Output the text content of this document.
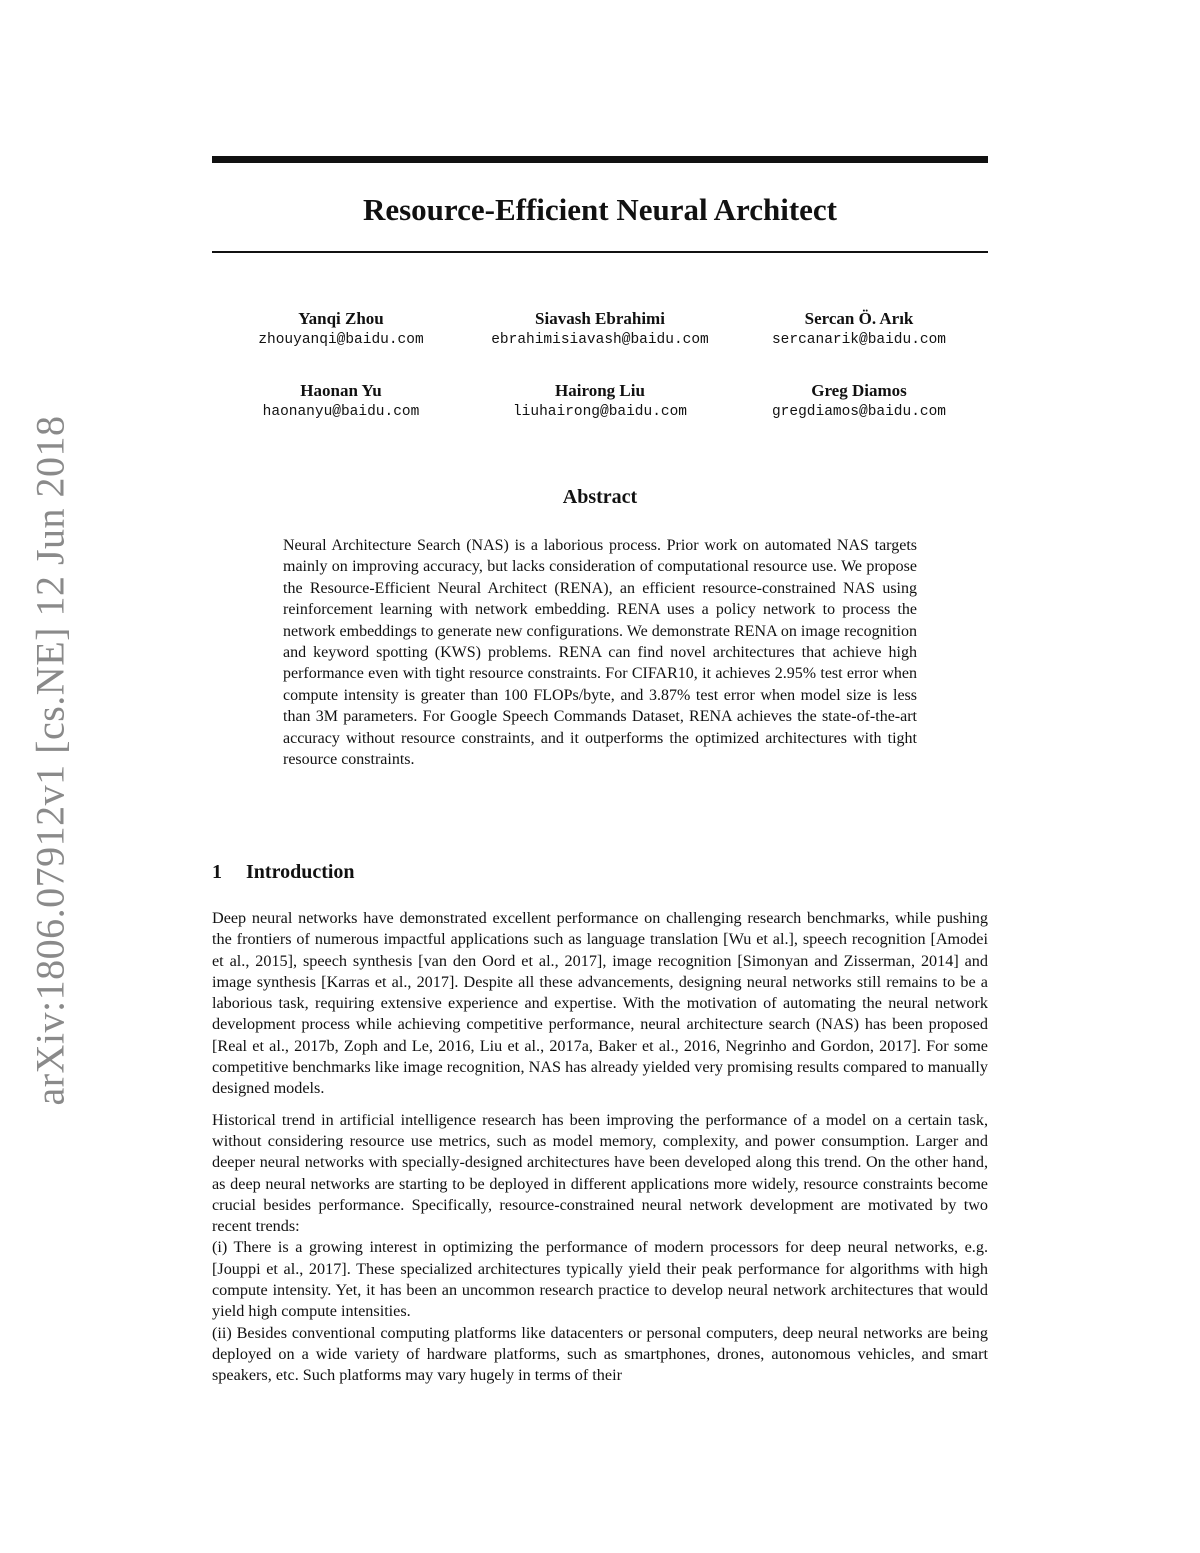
arXiv:1806.07912v1 [cs.NE] 12 Jun 2018
Resource-Efficient Neural Architect
Yanqi Zhou
zhouyanqi@baidu.com
Siavash Ebrahimi
ebrahimisiavash@baidu.com
Sercan Ö. Arık
sercanarik@baidu.com
Haonan Yu
haonanyu@baidu.com
Hairong Liu
liuhairong@baidu.com
Greg Diamos
gregdiamos@baidu.com
Abstract

Neural Architecture Search (NAS) is a laborious process. Prior work on automated NAS targets mainly on improving accuracy, but lacks consideration of computational resource use. We propose the Resource-Efficient Neural Architect (RENA), an efficient resource-constrained NAS using reinforcement learning with network embedding. RENA uses a policy network to process the network embeddings to generate new configurations. We demonstrate RENA on image recognition and keyword spotting (KWS) problems. RENA can find novel architectures that achieve high performance even with tight resource constraints. For CIFAR10, it achieves 2.95% test error when compute intensity is greater than 100 FLOPs/byte, and 3.87% test error when model size is less than 3M parameters. For Google Speech Commands Dataset, RENA achieves the state-of-the-art accuracy without resource constraints, and it outperforms the optimized architectures with tight resource constraints.

1 Introduction

Deep neural networks have demonstrated excellent performance on challenging research benchmarks, while pushing the frontiers of numerous impactful applications such as language translation [Wu et al.], speech recognition [Amodei et al., 2015], speech synthesis [van den Oord et al., 2017], image recognition [Simonyan and Zisserman, 2014] and image synthesis [Karras et al., 2017]. Despite all these advancements, designing neural networks still remains to be a laborious task, requiring extensive experience and expertise. With the motivation of automating the neural network development process while achieving competitive performance, neural architecture search (NAS) has been proposed [Real et al., 2017b, Zoph and Le, 2016, Liu et al., 2017a, Baker et al., 2016, Negrinho and Gordon, 2017]. For some competitive benchmarks like image recognition, NAS has already yielded very promising results compared to manually designed models.

Historical trend in artificial intelligence research has been improving the performance of a model on a certain task, without considering resource use metrics, such as model memory, complexity, and power consumption. Larger and deeper neural networks with specially-designed architectures have been developed along this trend. On the other hand, as deep neural networks are starting to be deployed in different applications more widely, resource constraints become crucial besides performance. Specifically, resource-constrained neural network development are motivated by two recent trends:

(i) There is a growing interest in optimizing the performance of modern processors for deep neural networks, e.g. [Jouppi et al., 2017]. These specialized architectures typically yield their peak performance for algorithms with high compute intensity. Yet, it has been an uncommon research practice to develop neural network architectures that would yield high compute intensities.

(ii) Besides conventional computing platforms like datacenters or personal computers, deep neural networks are being deployed on a wide variety of hardware platforms, such as smartphones, drones, autonomous vehicles, and smart speakers, etc. Such platforms may vary hugely in terms of their
